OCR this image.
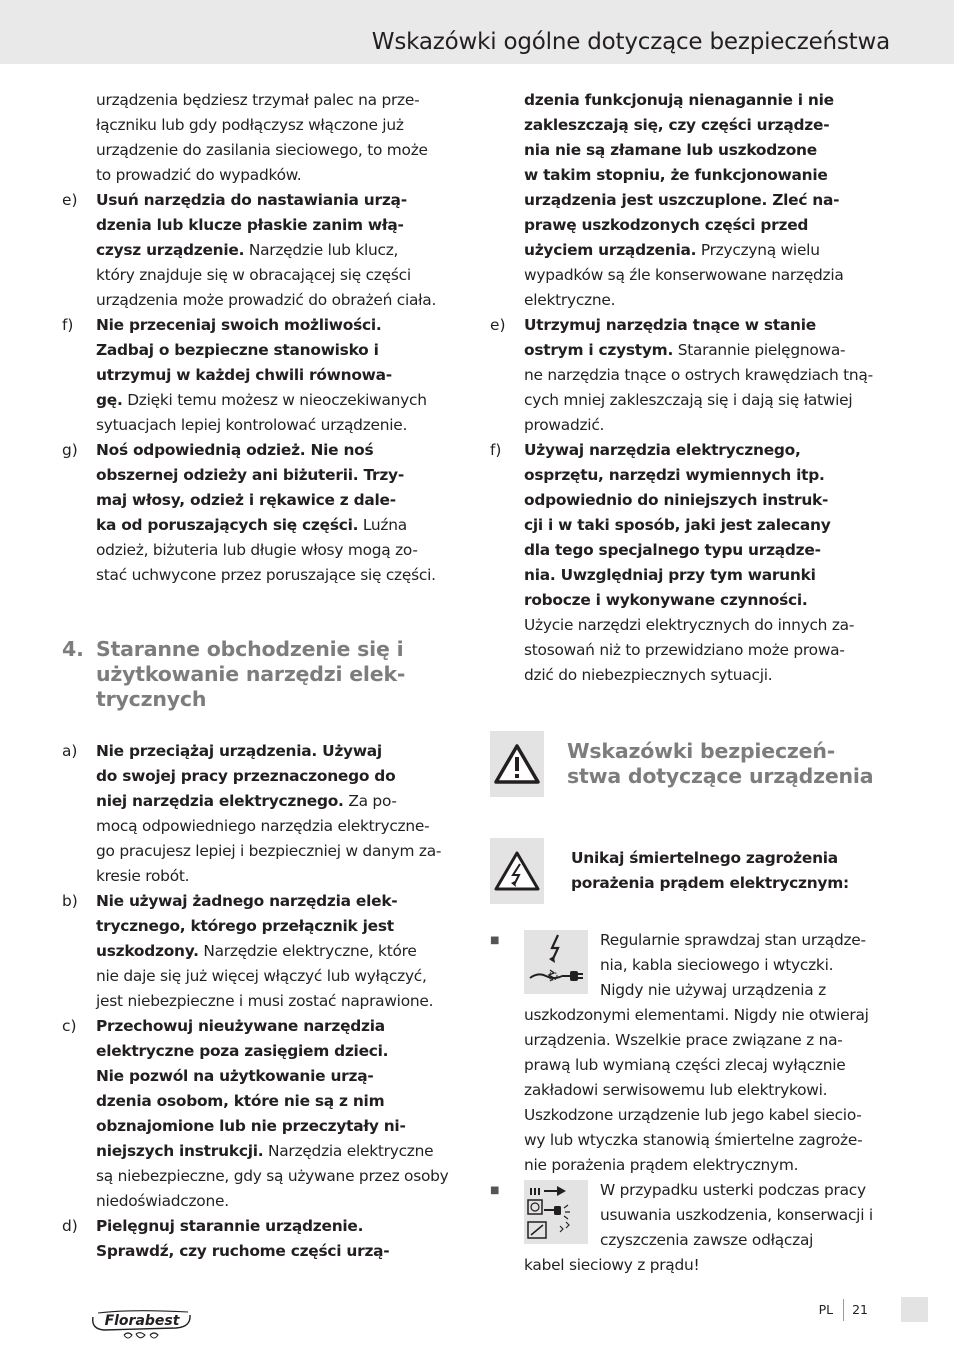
Wskazówki ogólne dotyczące bezpieczeństwa
urządzenia będziesz trzymał palec na prze-
łączniku lub gdy podłączysz włączone już
urządzenie do zasilania sieciowego, to może
to prowadzić do wypadków.
e)	Usuń narzędzia do nastawiania urzą-
dzenia lub klucze płaskie zanim włą-
czysz urządzenie. Narzędzie lub klucz,
który znajduje się w obracającej się części
urządzenia może prowadzić do obrażeń ciała.
f)	Nie przeceniaj swoich możliwości.
Zadbaj o bezpieczne stanowisko i
utrzymuj w każdej chwili równowa-
gę. Dzięki temu możesz w nieoczekiwanych
sytuacjach lepiej kontrolować urządzenie.
g)	Noś odpowiednią odzież. Nie noś
obszernej odzieży ani biżuterii. Trzy-
maj włosy, odzież i rękawice z dale-
ka od poruszających się części. Luźna
odzież, biżuteria lub długie włosy mogą zo-
stać uchwycone przez poruszające się części.
4. Staranne obchodzenie się i
użytkowanie narzędzi elek-
trycznych
a)	Nie przeciążaj urządzenia. Używaj
do swojej pracy przeznaczonego do
niej narzędzia elektrycznego. Za po-
mocą odpowiedniego narzędzia elektryczne-
go pracujesz lepiej i bezpieczniej w danym za-
kresie robót.
b)	Nie używaj żadnego narzędzia elek-
trycznego, którego przełącznik jest
uszkodzony. Narzędzie elektryczne, które
nie daje się już więcej włączyć lub wyłączyć,
jest niebezpieczne i musi zostać naprawione.
c)	Przechowuj nieużywane narzędzia
elektryczne poza zasięgiem dzieci.
Nie pozwól na użytkowanie urzą-
dzenia osobom, które nie są z nim
obznajomione lub nie przeczytały ni-
niejszych instrukcji. Narzędzia elektryczne
są niebezpieczne, gdy są używane przez osoby
niedoświadczone.
d)	Pielęgnuj starannie urządzenie.
Sprawdź, czy ruchome części urzą-
dzenia funkcjonują nienagannie i nie
zakleszczają się, czy części urządze-
nia nie są złamane lub uszkodzone
w takim stopniu, że funkcjonowanie
urządzenia jest uszczuplone. Zleć na-
prawę uszkodzonych części przed
użyciem urządzenia. Przyczyną wielu
wypadków są źle konserwowane narzędzia
elektryczne.
e)	Utrzymuj narzędzia tnące w stanie
ostrym i czystym. Starannie pielęgnowa-
ne narzędzia tnące o ostrych krawędziach tną-
cych mniej zakleszczają się i dają się łatwiej
prowadzić.
f)	Używaj narzędzia elektrycznego,
osprzętu, narzędzi wymiennych itp.
odpowiednio do niniejszych instruk-
cji i w taki sposób, jaki jest zalecany
dla tego specjalnego typu urządze-
nia. Uwzględniaj przy tym warunki
robocze i wykonywane czynności.
Użycie narzędzi elektrycznych do innych za-
stosowań niż to przewidziano może prowa-
dzić do niebezpiecznych sytuacji.
Wskazówki bezpieczeń-
stwa dotyczące urządzenia
Unikaj śmiertelnego zagrożenia
porażenia prądem elektrycznym:
■	Regularnie sprawdzaj stan urządze-
nia, kabla sieciowego i wtyczki.
Nigdy nie używaj urządzenia z
uszkodzonymi elementami. Nigdy nie otwieraj
urządzenia. Wszelkie prace związane z na-
prawą lub wymianą części zlecaj wyłącznie
zakładowi serwisowemu lub elektrykowi.
Uszkodzone urządzenie lub jego kabel siecio-
wy lub wtyczka stanowią śmiertelne zagroże-
nie porażenia prądem elektrycznym.
■	W przypadku usterki podczas pracy
usuwania uszkodzenia, konserwacji i
czyszczenia zawsze odłączaj
kabel sieciowy z prądu!
Florabest
PL 21
